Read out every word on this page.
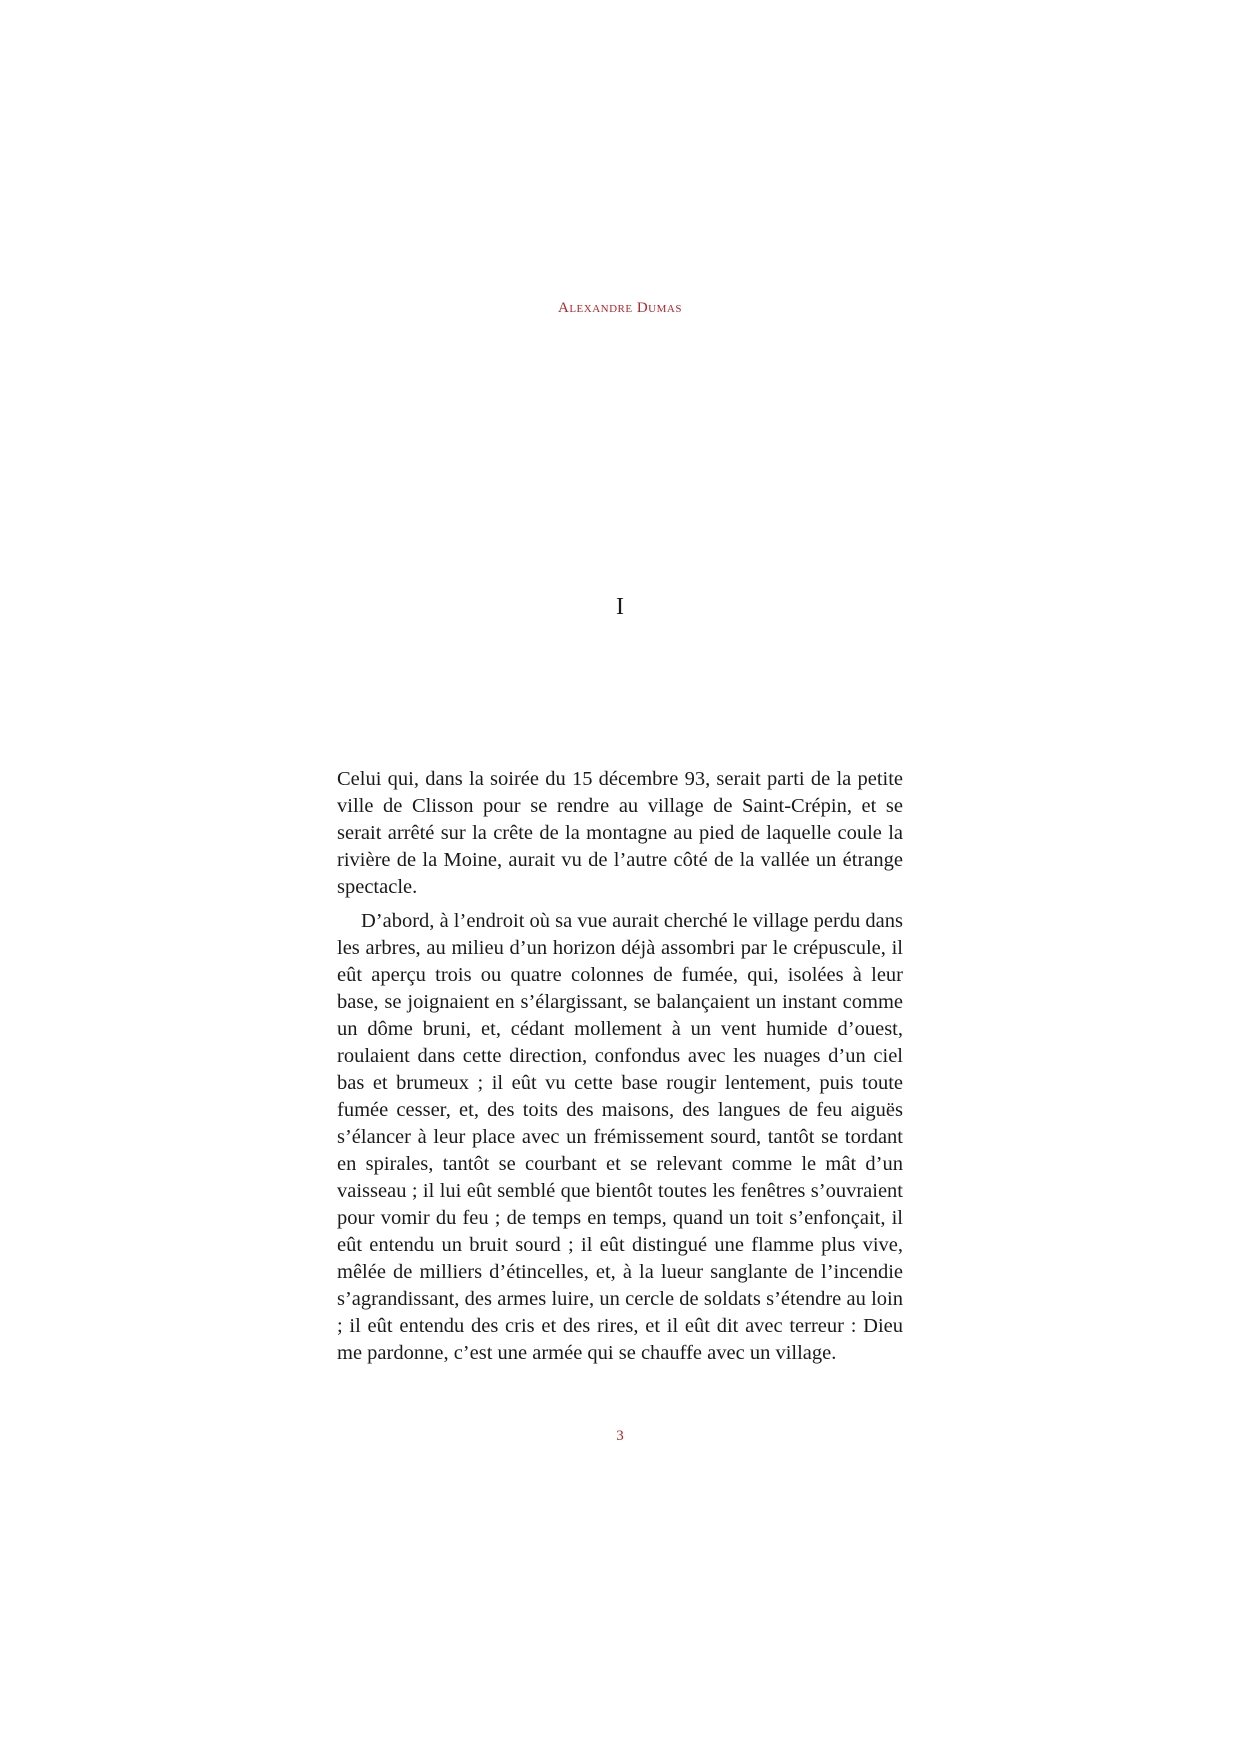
Alexandre Dumas
I

Celui qui, dans la soirée du 15 décembre 93, serait parti de la petite ville de Clisson pour se rendre au village de Saint-Crépin, et se serait arrêté sur la crête de la montagne au pied de laquelle coule la rivière de la Moine, aurait vu de l’autre côté de la vallée un étrange spectacle.

D’abord, à l’endroit où sa vue aurait cherché le village perdu dans les arbres, au milieu d’un horizon déjà assombri par le crépuscule, il eût aperçu trois ou quatre colonnes de fumée, qui, isolées à leur base, se joignaient en s’élargissant, se balançaient un instant comme un dôme bruni, et, cédant mollement à un vent humide d’ouest, roulaient dans cette direction, confondus avec les nuages d’un ciel bas et brumeux ; il eût vu cette base rougir lentement, puis toute fumée cesser, et, des toits des maisons, des langues de feu aiguës s’élancer à leur place avec un frémissement sourd, tantôt se tordant en spirales, tantôt se courbant et se relevant comme le mât d’un vaisseau ; il lui eût semblé que bientôt toutes les fenêtres s’ouvraient pour vomir du feu ; de temps en temps, quand un toit s’enfonçait, il eût entendu un bruit sourd ; il eût distingué une flamme plus vive, mêlée de milliers d’étincelles, et, à la lueur sanglante de l’incendie s’agrandissant, des armes luire, un cercle de soldats s’étendre au loin ; il eût entendu des cris et des rires, et il eût dit avec terreur : Dieu me pardonne, c’est une armée qui se chauffe avec un village.

3
